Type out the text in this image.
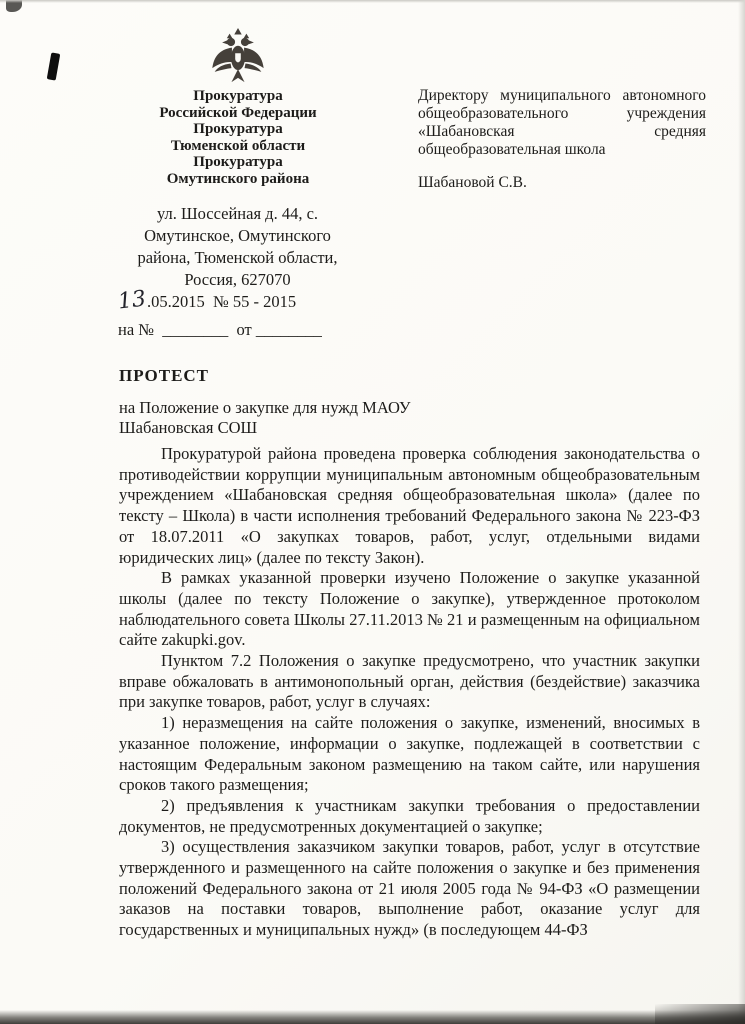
Прокуратура
Российской Федерации
Прокуратура
Тюменской области
Прокуратура
Омутинского района
Директору муниципального автономного общеобразовательного учреждения «Шабановская средняя общеобразовательная школа
Шабановой С.В.
ул. Шоссейная д. 44, с.
Омутинское, Омутинского
района, Тюменской области,
Россия, 627070
13.05.2015  № 55 - 2015
на №  ________  от ________
ПРОТЕСТ
на Положение о закупке для нужд МАОУ
Шабановская СОШ

Прокуратурой района проведена проверка соблюдения законодательства о противодействии коррупции муниципальным автономным общеобразовательным учреждением «Шабановская средняя общеобразовательная школа» (далее по тексту – Школа) в части исполнения требований Федерального закона № 223-ФЗ от 18.07.2011 «О закупках товаров, работ, услуг, отдельными видами юридических лиц» (далее по тексту Закон).

В рамках указанной проверки изучено Положение о закупке указанной школы (далее по тексту Положение о закупке), утвержденное протоколом наблюдательного совета Школы 27.11.2013 № 21 и размещенным на официальном сайте zakupki.gov.

Пунктом 7.2 Положения о закупке предусмотрено, что участник закупки вправе обжаловать в антимонопольный орган, действия (бездействие) заказчика при закупке товаров, работ, услуг в случаях:

1) неразмещения на сайте положения о закупке, изменений, вносимых в указанное положение, информации о закупке, подлежащей в соответствии с настоящим Федеральным законом размещению на таком сайте, или нарушения сроков такого размещения;

2) предъявления к участникам закупки требования о предоставлении документов, не предусмотренных документацией о закупке;

3) осуществления заказчиком закупки товаров, работ, услуг в отсутствие утвержденного и размещенного на сайте положения о закупке и без применения положений Федерального закона от 21 июля 2005 года № 94-ФЗ «О размещении заказов на поставки товаров, выполнение работ, оказание услуг для государственных и муниципальных нужд» (в последующем 44-ФЗ
